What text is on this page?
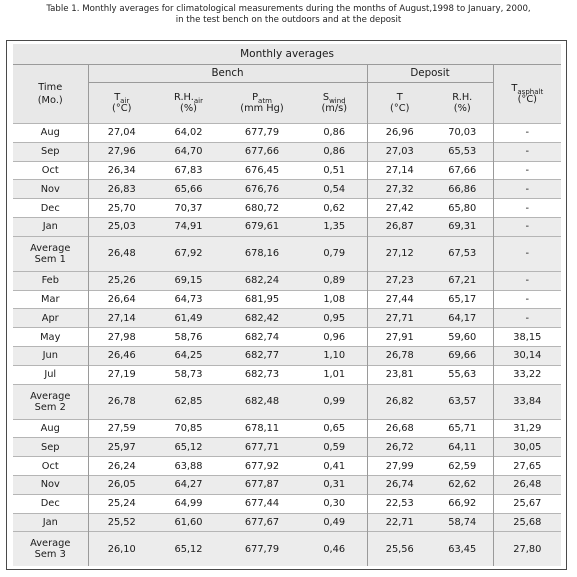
Table 1. Monthly averages for climatological measurements during the months of August,1998 to January, 2000,
in the test bench on the outdoors and at the deposit
Monthly averages							

Time
(Mo.)	Bench				Deposit		$T_{asphalt}$
(°C)

	$T_{air}$
(°C)	$R.H._{air}$
(%)	$P_{atm}$
(mm Hg)	$S_{wind}$
(m/s)	T
(°C)	R.H.
(%)	

Aug	27,04	64,02	677,79	0,86	26,96	70,03	-
Sep	27,96	64,70	677,66	0,86	27,03	65,53	-
Oct	26,34	67,83	676,45	0,51	27,14	67,66	-
Nov	26,83	65,66	676,76	0,54	27,32	66,86	-
Dec	25,70	70,37	680,72	0,62	27,42	65,80	-
Jan	25,03	74,91	679,61	1,35	26,87	69,31	-

Average
Sem 1	26,48	67,92	678,16	0,79	27,12	67,53	-
Feb	25,26	69,15	682,24	0,89	27,23	67,21	-
Mar	26,64	64,73	681,95	1,08	27,44	65,17	-
Apr	27,14	61,49	682,42	0,95	27,71	64,17	-
May	27,98	58,76	682,74	0,96	27,91	59,60	38,15
Jun	26,46	64,25	682,77	1,10	26,78	69,66	30,14
Jul	27,19	58,73	682,73	1,01	23,81	55,63	33,22

Average
Sem 2	26,78	62,85	682,48	0,99	26,82	63,57	33,84
Aug	27,59	70,85	678,11	0,65	26,68	65,71	31,29
Sep	25,97	65,12	677,71	0,59	26,72	64,11	30,05
Oct	26,24	63,88	677,92	0,41	27,99	62,59	27,65
Nov	26,05	64,27	677,87	0,31	26,74	62,62	26,48
Dec	25,24	64,99	677,44	0,30	22,53	66,92	25,67
Jan	25,52	61,60	677,67	0,49	22,71	58,74	25,68

Average
Sem 3	26,10	65,12	677,79	0,46	25,56	63,45	27,80
